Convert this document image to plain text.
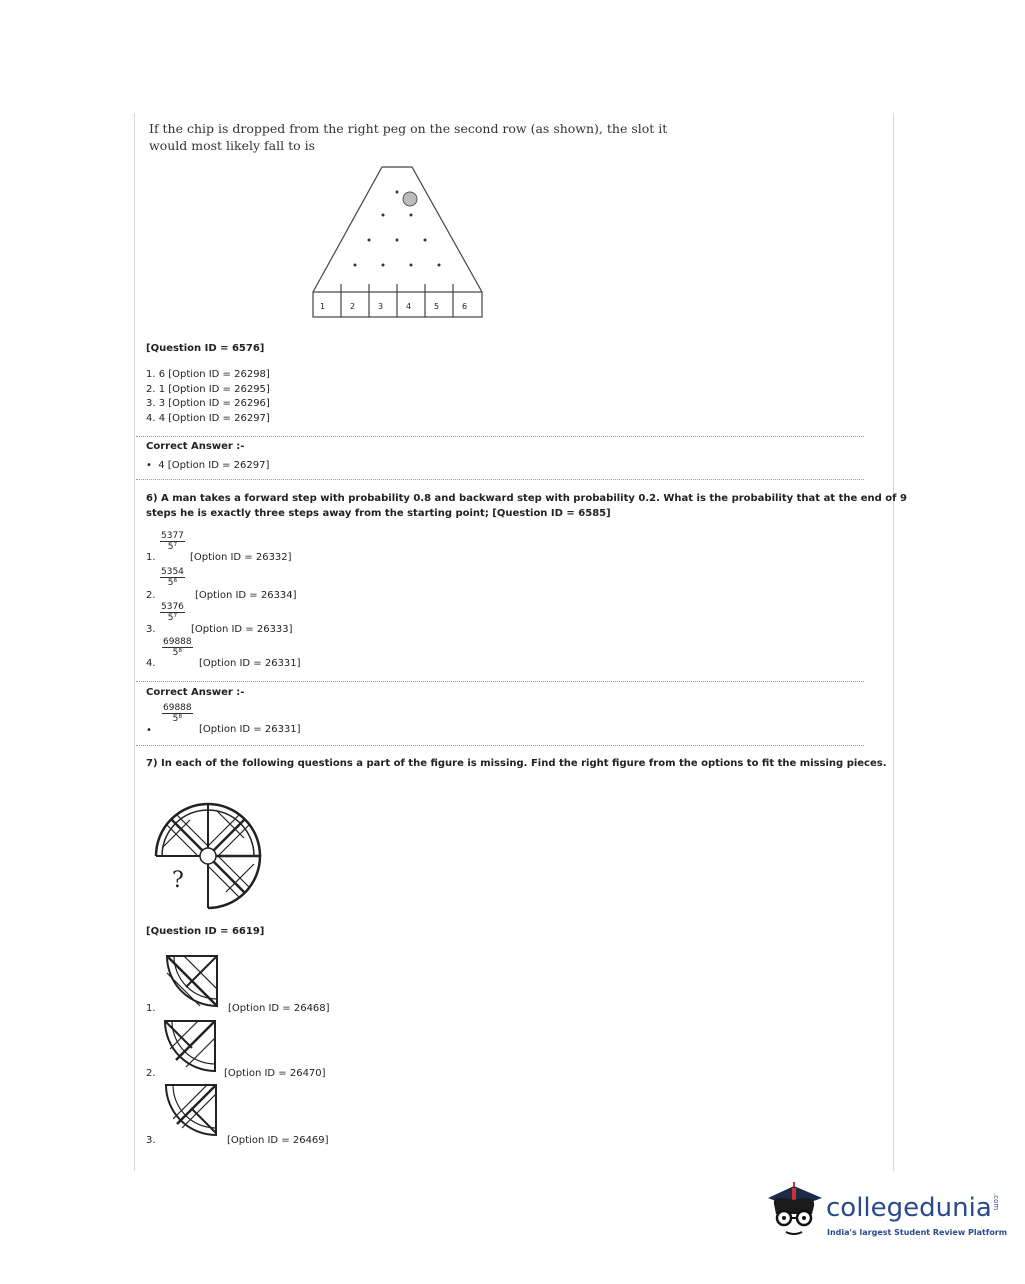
If the chip is dropped from the right peg on the second row (as shown), the slot it
would most likely fall to is
1	2	3	4	5	6
[Question ID = 6576]
1. 6 [Option ID = 26298]
2. 1 [Option ID = 26295]
3. 3 [Option ID = 26296]
4. 4 [Option ID = 26297]
Correct Answer :-
•  4 [Option ID = 26297]
6) A man takes a forward step with probability 0.8 and backward step with probability 0.2. What is the probability that at the end of 9
steps he is exactly three steps away from the starting point; [Question ID = 6585]
$\frac{5377}{\text{5⁷}}$
1.	[Option ID = 26332]
$\frac{5354}{\text{5⁶}}$
2.	[Option ID = 26334]
$\frac{5376}{\text{5⁷}}$
3.	[Option ID = 26333]
$\frac{69888}{\text{5⁸}}$
4.	[Option ID = 26331]
Correct Answer :-
•
$\frac{69888}{\text{5⁸}}$
[Option ID = 26331]
7) In each of the following questions a part of the figure is missing. Find the right figure from the options to fit the missing pieces.
?
[Question ID = 6619]
1.	[Option ID = 26468]
2.	[Option ID = 26470]
3.	[Option ID = 26469]
collegedunia.com
India's largest Student Review Platform
